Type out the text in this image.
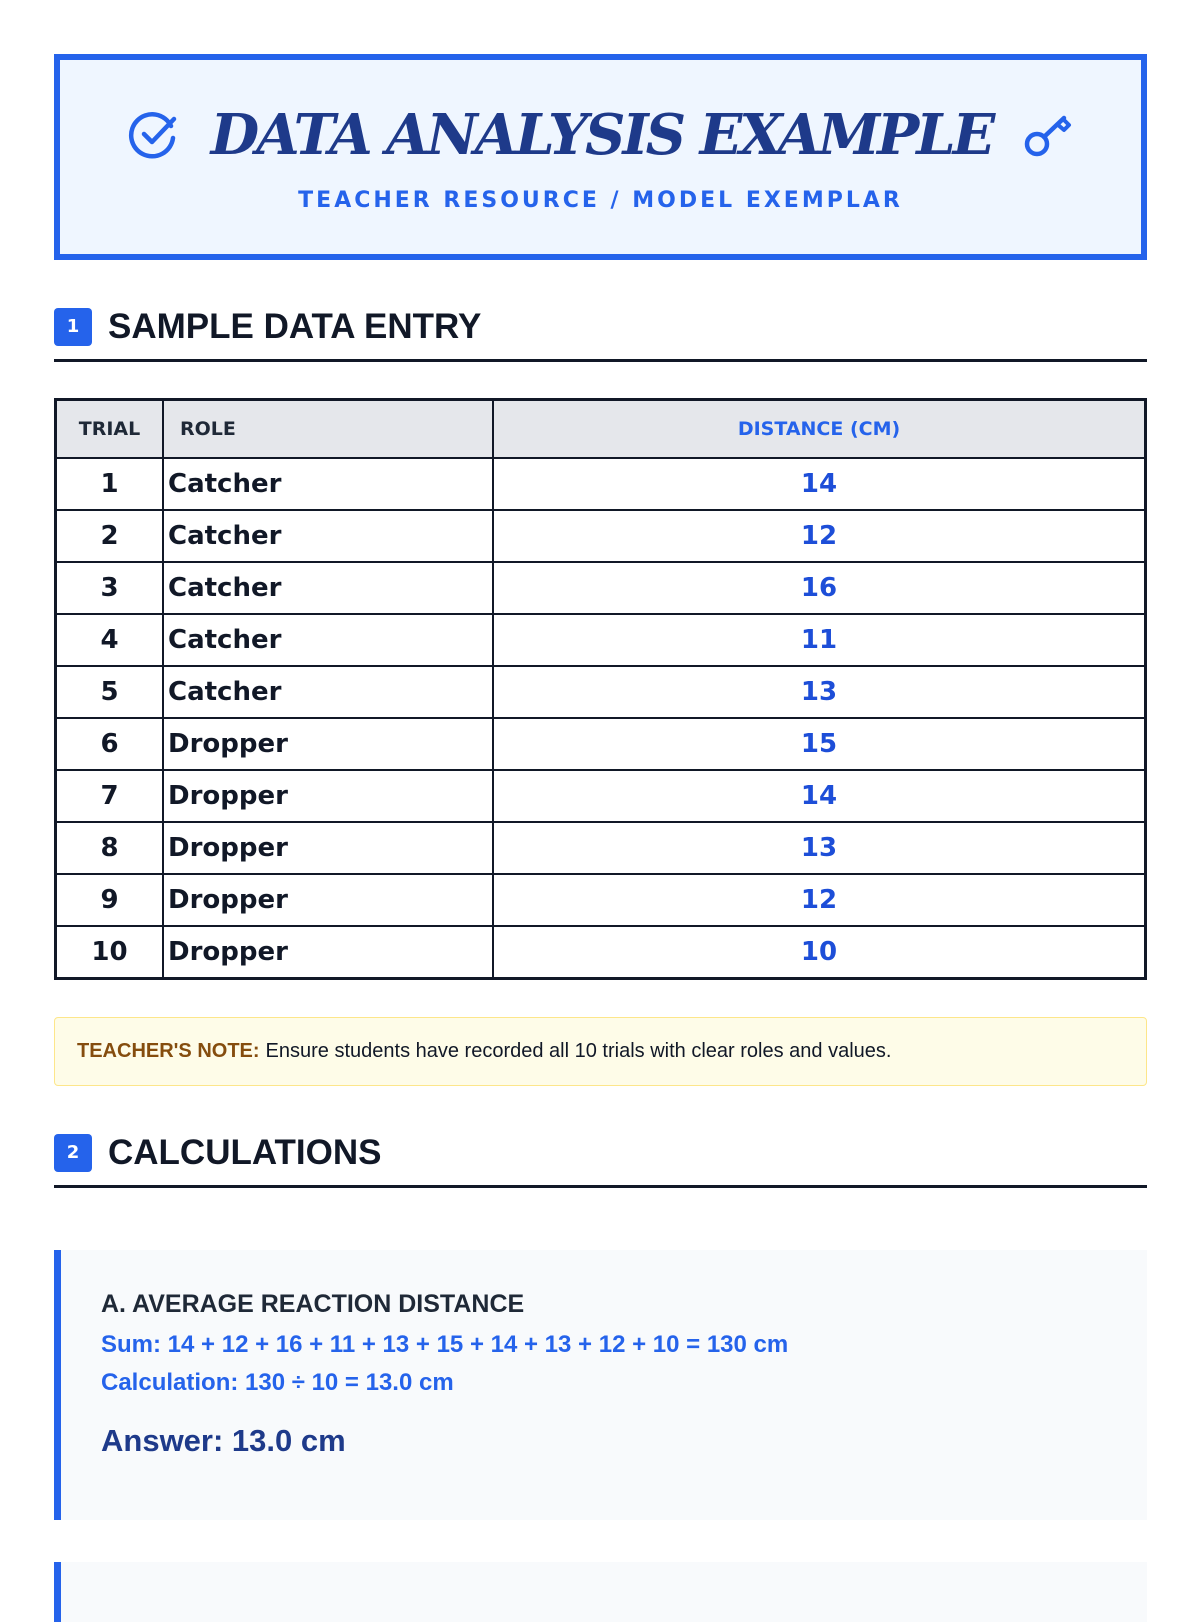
DATA ANALYSIS EXAMPLE
TEACHER RESOURCE / MODEL EXEMPLAR
1 SAMPLE DATA ENTRY
TRIAL	ROLE	DISTANCE (CM)
1	Catcher	14
2	Catcher	12
3	Catcher	16
4	Catcher	11
5	Catcher	13
6	Dropper	15
7	Dropper	14
8	Dropper	13
9	Dropper	12
10	Dropper	10
TEACHER'S NOTE: Ensure students have recorded all 10 trials with clear roles and values.
2 CALCULATIONS
A. AVERAGE REACTION DISTANCE
Sum: 14 + 12 + 16 + 11 + 13 + 15 + 14 + 13 + 12 + 10 = 130 cm
Calculation: 130 ÷ 10 = 13.0 cm
Answer: 13.0 cm
